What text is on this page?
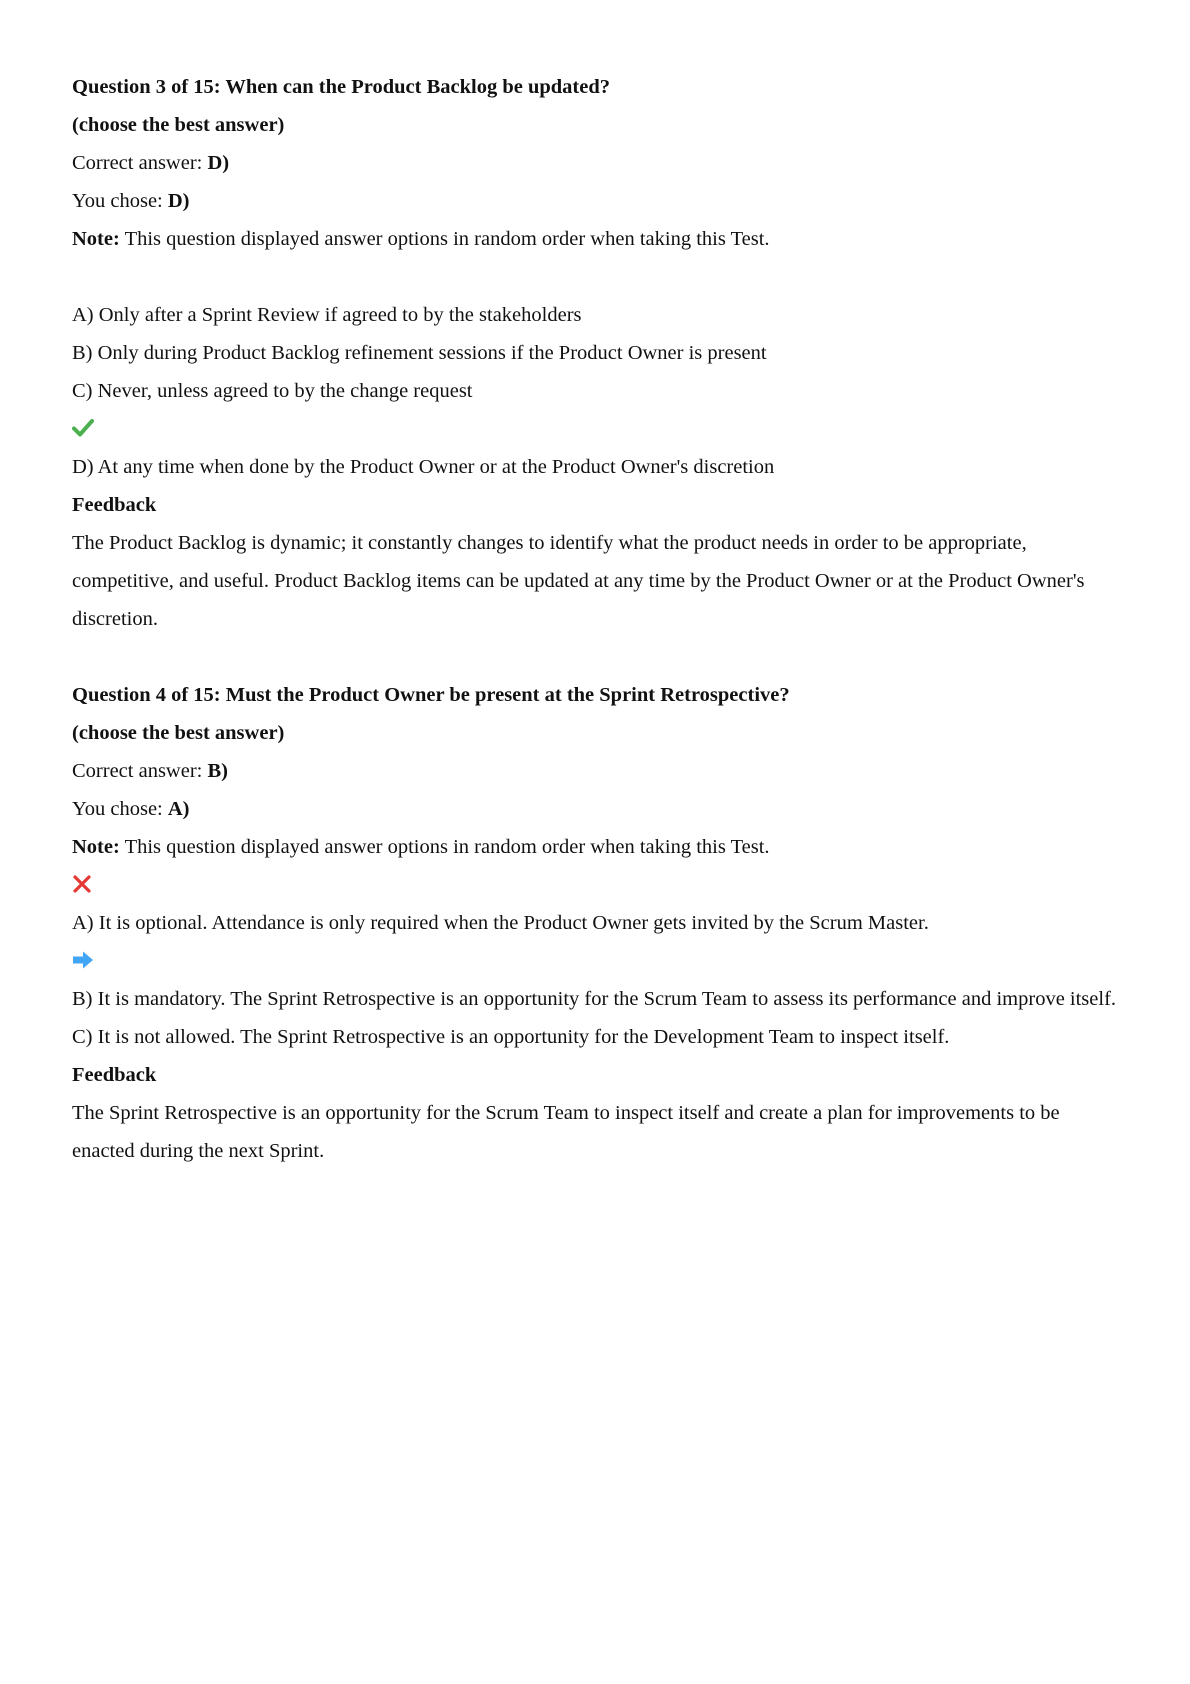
Question 3 of 15: When can the Product Backlog be updated?
(choose the best answer)
Correct answer: D)
You chose: D)
Note: This question displayed answer options in random order when taking this Test.
A) Only after a Sprint Review if agreed to by the stakeholders
B) Only during Product Backlog refinement sessions if the Product Owner is present
C) Never, unless agreed to by the change request
D) At any time when done by the Product Owner or at the Product Owner's discretion
Feedback
The Product Backlog is dynamic; it constantly changes to identify what the product needs in order to be appropriate, competitive, and useful. Product Backlog items can be updated at any time by the Product Owner or at the Product Owner's discretion.
Question 4 of 15: Must the Product Owner be present at the Sprint Retrospective?
(choose the best answer)
Correct answer: B)
You chose: A)
Note: This question displayed answer options in random order when taking this Test.
A) It is optional. Attendance is only required when the Product Owner gets invited by the Scrum Master.
B) It is mandatory. The Sprint Retrospective is an opportunity for the Scrum Team to assess its performance and improve itself.
C) It is not allowed. The Sprint Retrospective is an opportunity for the Development Team to inspect itself.
Feedback
The Sprint Retrospective is an opportunity for the Scrum Team to inspect itself and create a plan for improvements to be enacted during the next Sprint.
